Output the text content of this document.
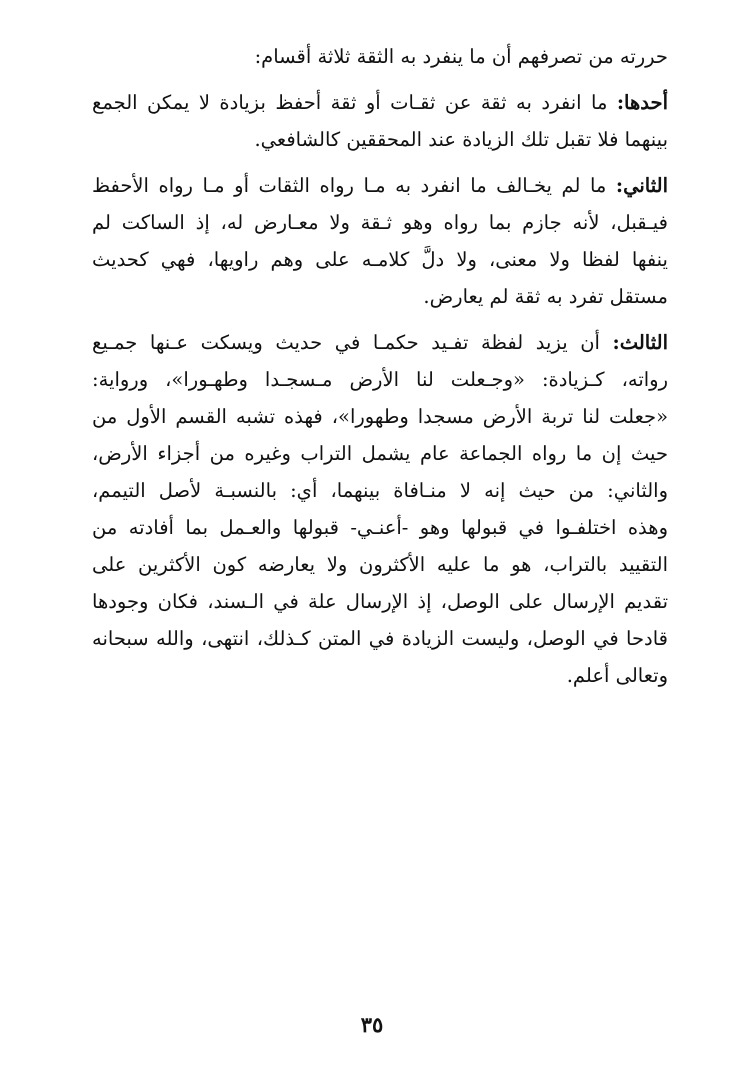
حررته من تصرفهم أن ما ينفرد به الثقة ثلاثة أقسام:
أحدها: ما انفرد به ثقة عن ثقـات أو ثقة أحفظ بزيادة لا يمكن الجمع
بينهما فلا تقبل تلك الزيادة عند المحققين كالشافعي.
الثاني: ما لم يخـالف ما انفرد به مـا رواه الثقات أو مـا رواه الأحفظ
فيـقبل، لأنه جازم بما رواه وهو ثـقة ولا معـارض له، إذ الساكت لم
ينفها لفظا ولا معنى، ولا دلَّ كلامـه على وهم راويها، فهي كحديث
مستقل تفرد به ثقة لم يعارض.
الثالث: أن يزيد لفظة تفـيد حكمـا في حديث ويسكت عـنها جمـيع
رواته، كـزيادة: «وجـعلت لنا الأرض مـسجـدا وطهـورا»، ورواية:
«جعلت لنا تربة الأرض مسجدا وطهورا»، فهذه تشبه القسم الأول من
حيث إن ما رواه الجماعة عام يشمل التراب وغيره من أجزاء الأرض،
والثاني: من حيث إنه لا منـافاة بينهما، أي: بالنسبـة لأصل التيمم،
وهذه اختلفـوا في قبولها وهو -أعنـي- قبولها والعـمل بما أفادته من
التقييد بالتراب، هو ما عليه الأكثرون ولا يعارضه كون الأكثرين على
تقديم الإرسال على الوصل، إذ الإرسال علة في الـسند، فكان وجودها
قادحا في الوصل، وليست الزيادة في المتن كـذلك، انتهى، والله سبحانه
وتعالى أعلم.
٣٥
